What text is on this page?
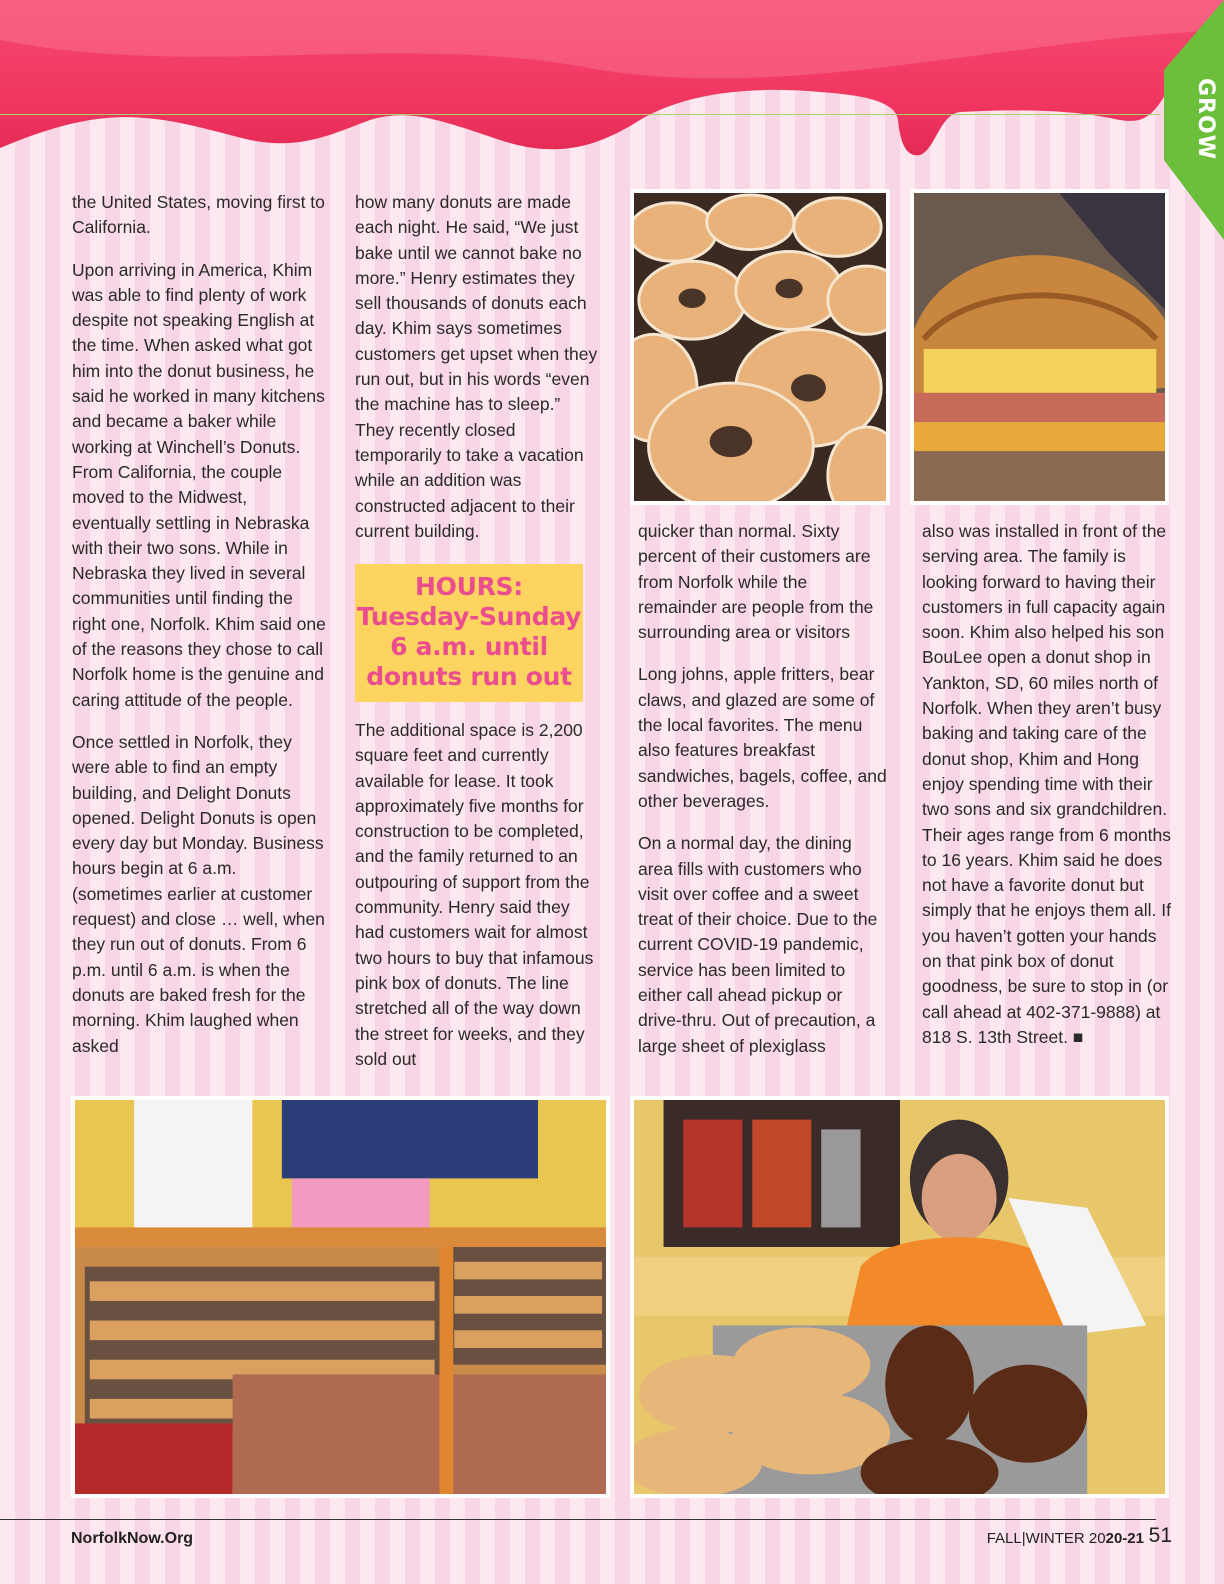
GROW

the United States, moving first to California.

Upon arriving in America, Khim was able to find plenty of work despite not speaking English at the time. When asked what got him into the donut business, he said he worked in many kitchens and became a baker while working at Winchell’s Donuts. From California, the couple moved to the Midwest, eventually settling in Nebraska with their two sons. While in Nebraska they lived in several communities until finding the right one, Norfolk. Khim said one of the reasons they chose to call Norfolk home is the genuine and caring attitude of the people.

Once settled in Norfolk, they were able to find an empty building, and Delight Donuts opened. Delight Donuts is open every day but Monday. Business hours begin at 6 a.m. (sometimes earlier at customer request) and close … well, when they run out of donuts. From 6 p.m. until 6 a.m. is when the donuts are baked fresh for the morning. Khim laughed when asked

how many donuts are made each night. He said, “We just bake until we cannot bake no more.” Henry estimates they sell thousands of donuts each day. Khim says sometimes customers get upset when they run out, but in his words “even the machine has to sleep.” They recently closed temporarily to take a vacation while an addition was constructed adjacent to their current building.

HOURS:
Tuesday-Sunday
6 a.m. until
donuts run out

The additional space is 2,200 square feet and currently available for lease. It took approximately five months for construction to be completed, and the family returned to an outpouring of support from the community. Henry said they had customers wait for almost two hours to buy that infamous pink box of donuts. The line stretched all of the way down the street for weeks, and they sold out

quicker than normal. Sixty percent of their customers are from Norfolk while the remainder are people from the surrounding area or visitors

Long johns, apple fritters, bear claws, and glazed are some of the local favorites. The menu also features breakfast sandwiches, bagels, coffee, and other beverages.

On a normal day, the dining area fills with customers who visit over coffee and a sweet treat of their choice. Due to the current COVID-19 pandemic, service has been limited to either call ahead pickup or drive-thru. Out of precaution, a large sheet of plexiglass

also was installed in front of the serving area. The family is looking forward to having their customers in full capacity again soon. Khim also helped his son BouLee open a donut shop in Yankton, SD, 60 miles north of Norfolk. When they aren’t busy baking and taking care of the donut shop, Khim and Hong enjoy spending time with their two sons and six grandchildren. Their ages range from 6 months to 16 years. Khim said he does not have a favorite donut but simply that he enjoys them all. If you haven’t gotten your hands on that pink box of donut goodness, be sure to stop in (or call ahead at 402-371-9888) at 818 S. 13th Street. ■

NorfolkNow.Org	FALL|WINTER 2020-21 51
